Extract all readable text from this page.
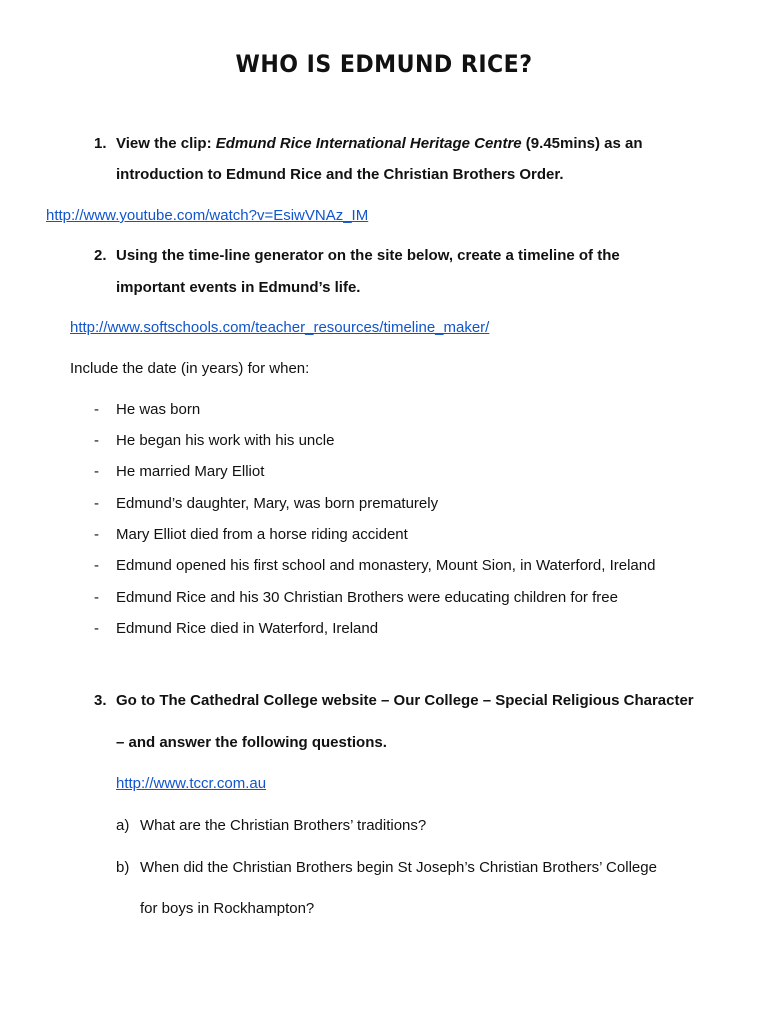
WHO IS EDMUND RICE?
1. View the clip: Edmund Rice International Heritage Centre (9.45mins) as an
introduction to Edmund Rice and the Christian Brothers Order.
http://www.youtube.com/watch?v=EsiwVNAz_IM
2. Using the time-line generator on the site below, create a timeline of the
important events in Edmund’s life.
http://www.softschools.com/teacher_resources/timeline_maker/
Include the date (in years) for when:
- He was born
- He began his work with his uncle
- He married Mary Elliot
- Edmund’s daughter, Mary, was born prematurely
- Mary Elliot died from a horse riding accident
- Edmund opened his first school and monastery, Mount Sion, in Waterford, Ireland
- Edmund Rice and his 30 Christian Brothers were educating children for free
- Edmund Rice died in Waterford, Ireland
3. Go to The Cathedral College website – Our College – Special Religious Character
– and answer the following questions.
http://www.tccr.com.au
a) What are the Christian Brothers’ traditions?
b) When did the Christian Brothers begin St Joseph’s Christian Brothers’ College
for boys in Rockhampton?
